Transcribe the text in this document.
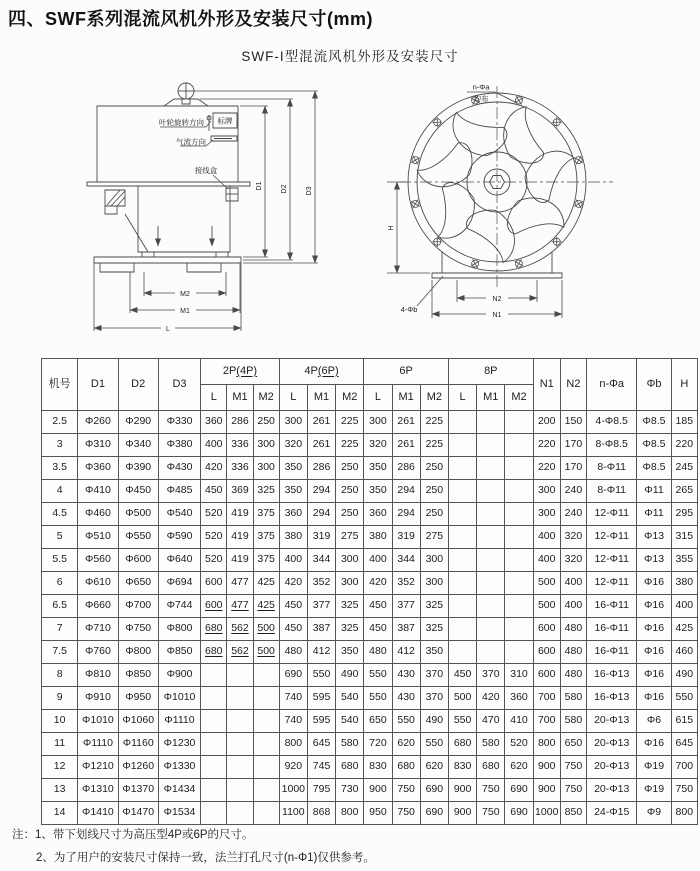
四、SWF系列混流风机外形及安装尺寸(mm)
SWF-I型混流风机外形及安装尺寸
叶轮旋转方向 标牌
气流方向
接线盒
D1	D2	D3
M2
M1
L
n-Φa
均布
4-Φb
H
N2
N1
机号	D1	D2	D3	2P(4P)			4P(6P)			6P			8P			N1	N2	n-Φa	Φb	H
				L	M1	M2	L	M1	M2	L	M1	M2	L	M1	M2					
2.5	Φ260	Φ290	Φ330	360	286	250	300	261	225	300	261	225				200	150	4-Φ8.5	Φ8.5	185
3	Φ310	Φ340	Φ380	400	336	300	320	261	225	320	261	225				220	170	8-Φ8.5	Φ8.5	220
3.5	Φ360	Φ390	Φ430	420	336	300	350	286	250	350	286	250				220	170	8-Φ11	Φ8.5	245
4	Φ410	Φ450	Φ485	450	369	325	350	294	250	350	294	250				300	240	8-Φ11	Φ11	265
4.5	Φ460	Φ500	Φ540	520	419	375	360	294	250	360	294	250				300	240	12-Φ11	Φ11	295
5	Φ510	Φ550	Φ590	520	419	375	380	319	275	380	319	275				400	320	12-Φ11	Φ13	315
5.5	Φ560	Φ600	Φ640	520	419	375	400	344	300	400	344	300				400	320	12-Φ11	Φ13	355
6	Φ610	Φ650	Φ694	600	477	425	420	352	300	420	352	300				500	400	12-Φ11	Φ16	380
6.5	Φ660	Φ700	Φ744	600	477	425	450	377	325	450	377	325				500	400	16-Φ11	Φ16	400
7	Φ710	Φ750	Φ800	680	562	500	450	387	325	450	387	325				600	480	16-Φ11	Φ16	425
7.5	Φ760	Φ800	Φ850	680	562	500	480	412	350	480	412	350				600	480	16-Φ11	Φ16	460
8	Φ810	Φ850	Φ900				690	550	490	550	430	370	450	370	310	600	480	16-Φ13	Φ16	490
9	Φ910	Φ950	Φ1010				740	595	540	550	430	370	500	420	360	700	580	16-Φ13	Φ16	550
10	Φ1010	Φ1060	Φ1110				740	595	540	650	550	490	550	470	410	700	580	20-Φ13	Φ6	615
11	Φ1110	Φ1160	Φ1230				800	645	580	720	620	550	680	580	520	800	650	20-Φ13	Φ16	645
12	Φ1210	Φ1260	Φ1330				920	745	680	830	680	620	830	680	620	900	750	20-Φ13	Φ19	700
13	Φ1310	Φ1370	Φ1434				1000	795	730	900	750	690	900	750	690	900	750	20-Φ13	Φ19	750
14	Φ1410	Φ1470	Φ1534				1100	868	800	950	750	690	900	750	690	1000	850	24-Φ15	Φ9	800
注：1、带下划线尺寸为高压型4P或6P的尺寸。
2、为了用户的安装尺寸保持一致，法兰打孔尺寸(n-Φ1)仅供参考。
